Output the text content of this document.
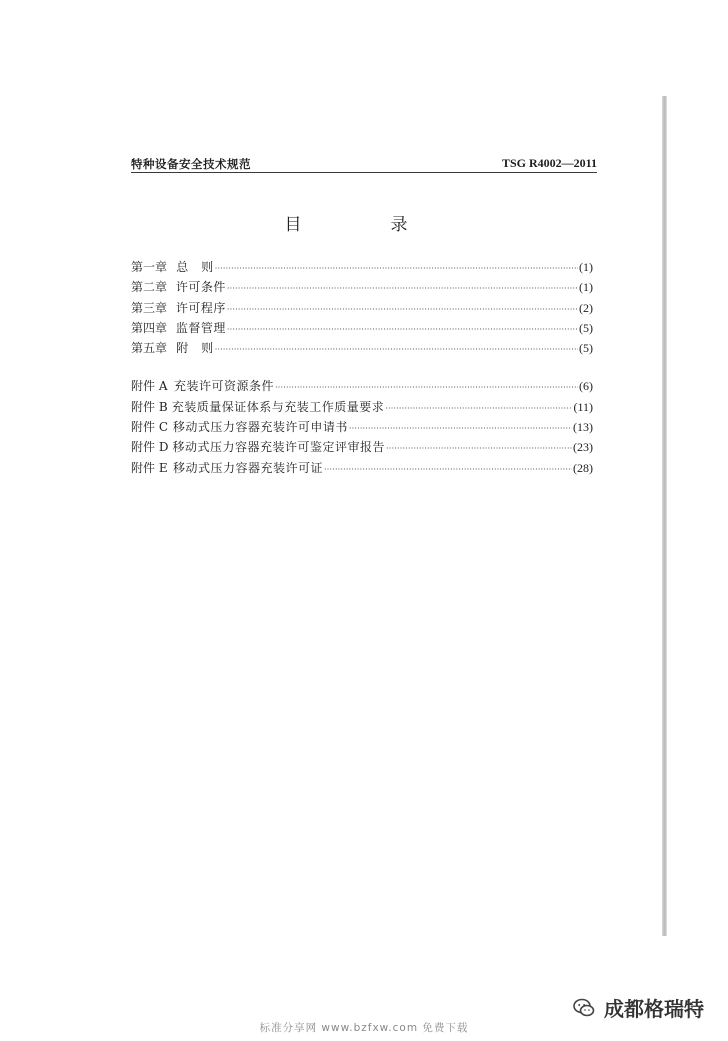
特种设备安全技术规范	TSG R4002—2011
目　录
第一章 总　则 ·····	(1)
第二章 许可条件 ·····	(1)
第三章 许可程序 ·····	(2)
第四章 监督管理 ·····	(5)
第五章 附　则 ·····	(5)
附件 A 充装许可资源条件 ·····	(6)
附件 B 充装质量保证体系与充装工作质量要求 ·····	(11)
附件 C 移动式压力容器充装许可申请书 ·····	(13)
附件 D 移动式压力容器充装许可鉴定评审报告 ·····	(23)
附件 E 移动式压力容器充装许可证 ·····	(28)
成都格瑞特
标准分享网 www.bzfxw.com 免费下载
